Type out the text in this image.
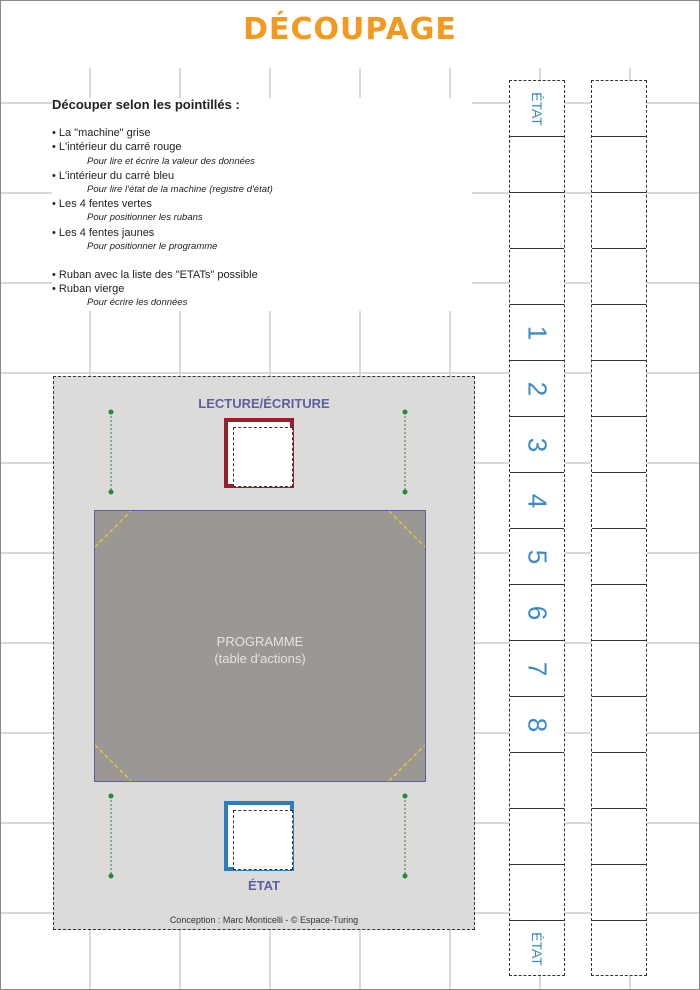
DÉCOUPAGE
Découper selon les pointillés :
• La "machine" grise
• L'intérieur du carré rouge
Pour lire et écrire la valeur des données
• L'intérieur du carré bleu
Pour lire l'état de la machine (registre d'état)
• Les 4 fentes vertes
Pour positionner les rubans
• Les 4 fentes jaunes
Pour positionner le programme
• Ruban avec la liste des "ETATs" possible
• Ruban vierge
Pour écrire les données
LECTURE/ÉCRITURE
PROGRAMME
(table d'actions)
ÉTAT
Conception : Marc Monticelli - © Espace-Turing
ÉTAT
1
2
3
4
5
6
7
8
ÉTAT
